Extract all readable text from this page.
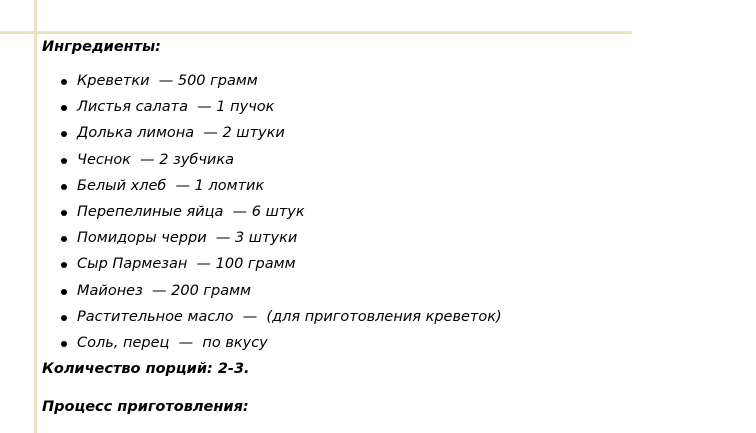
Ингредиенты:

Креветки  — 500 грамм
Листья салата  — 1 пучок
Долька лимона  — 2 штуки
Чеснок  — 2 зубчика
Белый хлеб  — 1 ломтик
Перепелиные яйца  — 6 штук
Помидоры черри  — 3 штуки
Сыр Пармезан  — 100 грамм
Майонез  — 200 грамм
Растительное масло  —  (для приготовления креветок)
Соль, перец  —  по вкусу

Количество порций: 2-3.

Процесс приготовления:
